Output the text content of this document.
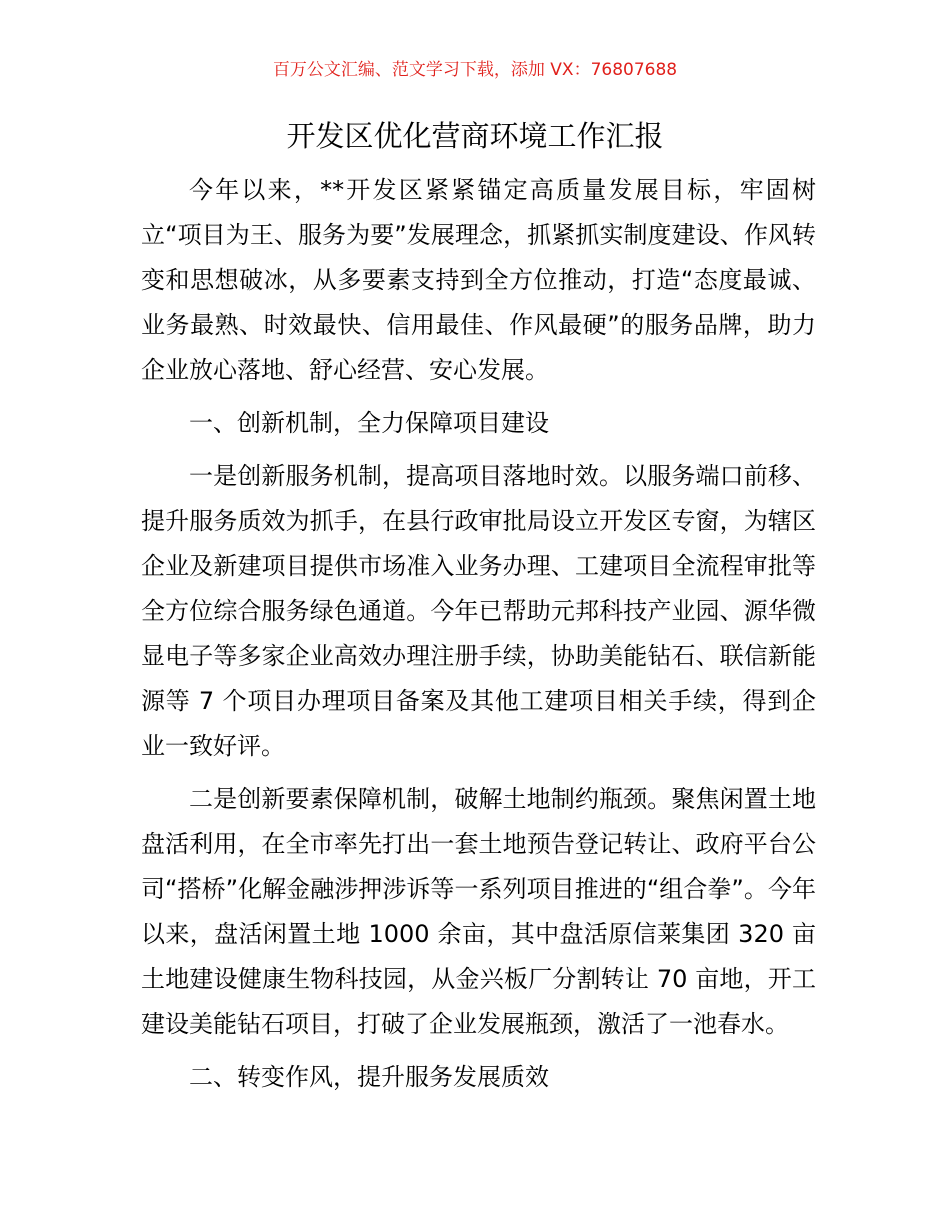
百万公文汇编、范文学习下载，添加 VX：76807688
开发区优化营商环境工作汇报

今年以来，**开发区紧紧锚定高质量发展目标，牢固树立“项目为王、服务为要”发展理念，抓紧抓实制度建设、作风转变和思想破冰，从多要素支持到全方位推动，打造“态度最诚、业务最熟、时效最快、信用最佳、作风最硬”的服务品牌，助力企业放心落地、舒心经营、安心发展。

一、创新机制，全力保障项目建设

一是创新服务机制，提高项目落地时效。以服务端口前移、提升服务质效为抓手，在县行政审批局设立开发区专窗，为辖区企业及新建项目提供市场准入业务办理、工建项目全流程审批等全方位综合服务绿色通道。今年已帮助元邦科技产业园、源华微显电子等多家企业高效办理注册手续，协助美能钻石、联信新能源等 7 个项目办理项目备案及其他工建项目相关手续，得到企业一致好评。

二是创新要素保障机制，破解土地制约瓶颈。聚焦闲置土地盘活利用，在全市率先打出一套土地预告登记转让、政府平台公司“搭桥”化解金融涉押涉诉等一系列项目推进的“组合拳”。今年以来，盘活闲置土地 1000 余亩，其中盘活原信莱集团 320 亩土地建设健康生物科技园，从金兴板厂分割转让 70 亩地，开工建设美能钻石项目，打破了企业发展瓶颈，激活了一池春水。

二、转变作风，提升服务发展质效
